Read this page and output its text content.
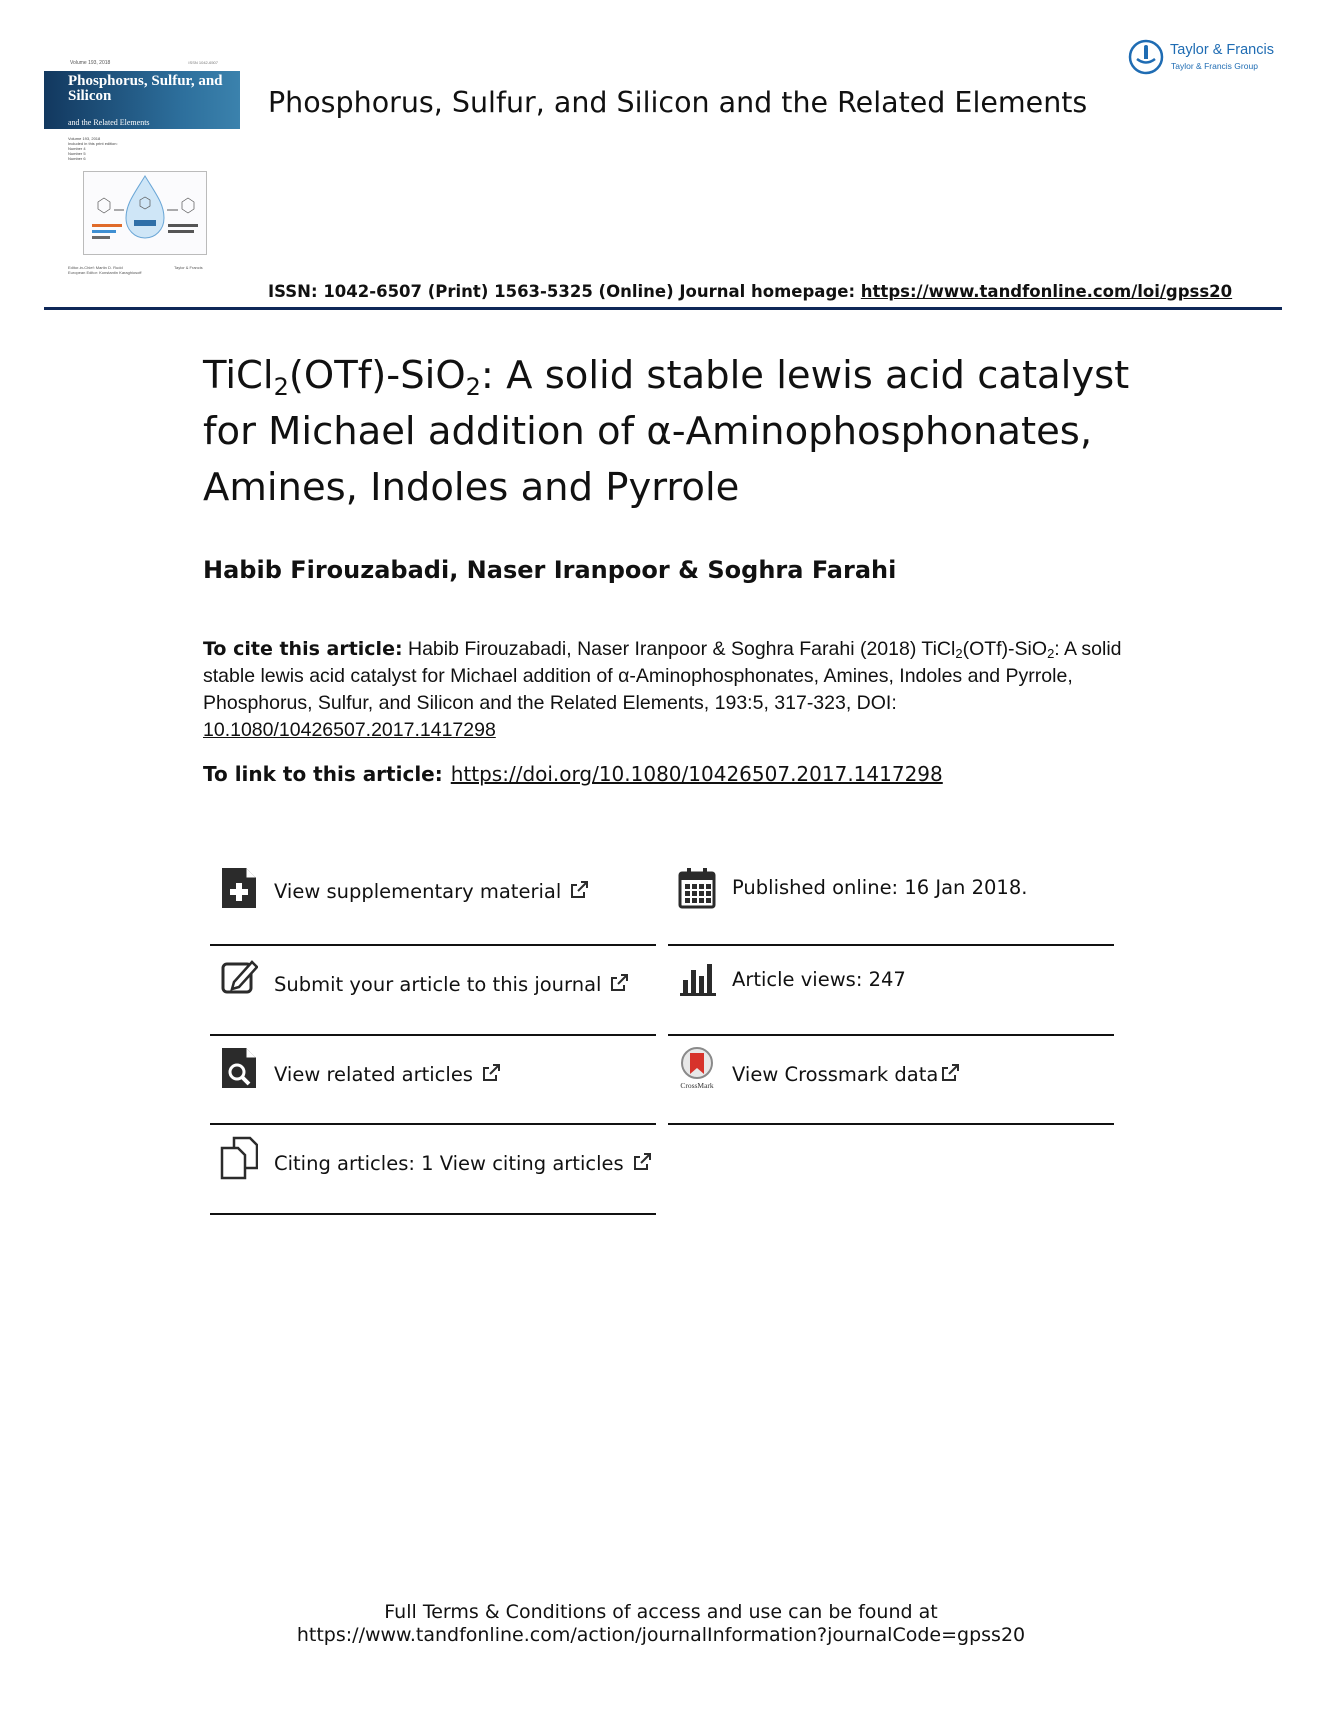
Volume 193, 2018	ISSN 1042-6507
Phosphorus, Sulfur, and Silicon
and the Related Elements
Volume 193, 2018
Included in this print edition:
Number 4
Number 5
Number 6
Editor-in-Chief: Martin D. Rudd
European Editor: Konstantin Karaghiosoff
Taylor & Francis
Phosphorus, Sulfur, and Silicon and the Related Elements
Taylor & Francis
Taylor & Francis Group
ISSN: 1042-6507 (Print) 1563-5325 (Online) Journal homepage: https://www.tandfonline.com/loi/gpss20
TiCl$_2$(OTf)-SiO$_2$: A solid stable lewis acid catalyst
for Michael addition of α-Aminophosphonates,
Amines, Indoles and Pyrrole
Habib Firouzabadi, Naser Iranpoor & Soghra Farahi
To cite this article: Habib Firouzabadi, Naser Iranpoor & Soghra Farahi (2018) TiCl$_2$(OTf)-SiO$_2$: A solid stable lewis acid catalyst for Michael addition of α-Aminophosphonates, Amines, Indoles and Pyrrole, Phosphorus, Sulfur, and Silicon and the Related Elements, 193:5, 317-323, DOI:
10.1080/10426507.2017.1417298
To link to this article: https://doi.org/10.1080/10426507.2017.1417298
View supplementary material
Submit your article to this journal
View related articles
Citing articles: 1 View citing articles
Published online: 16 Jan 2018.
Article views: 247
CrossMark View Crossmark data
Full Terms & Conditions of access and use can be found at
https://www.tandfonline.com/action/journalInformation?journalCode=gpss20
